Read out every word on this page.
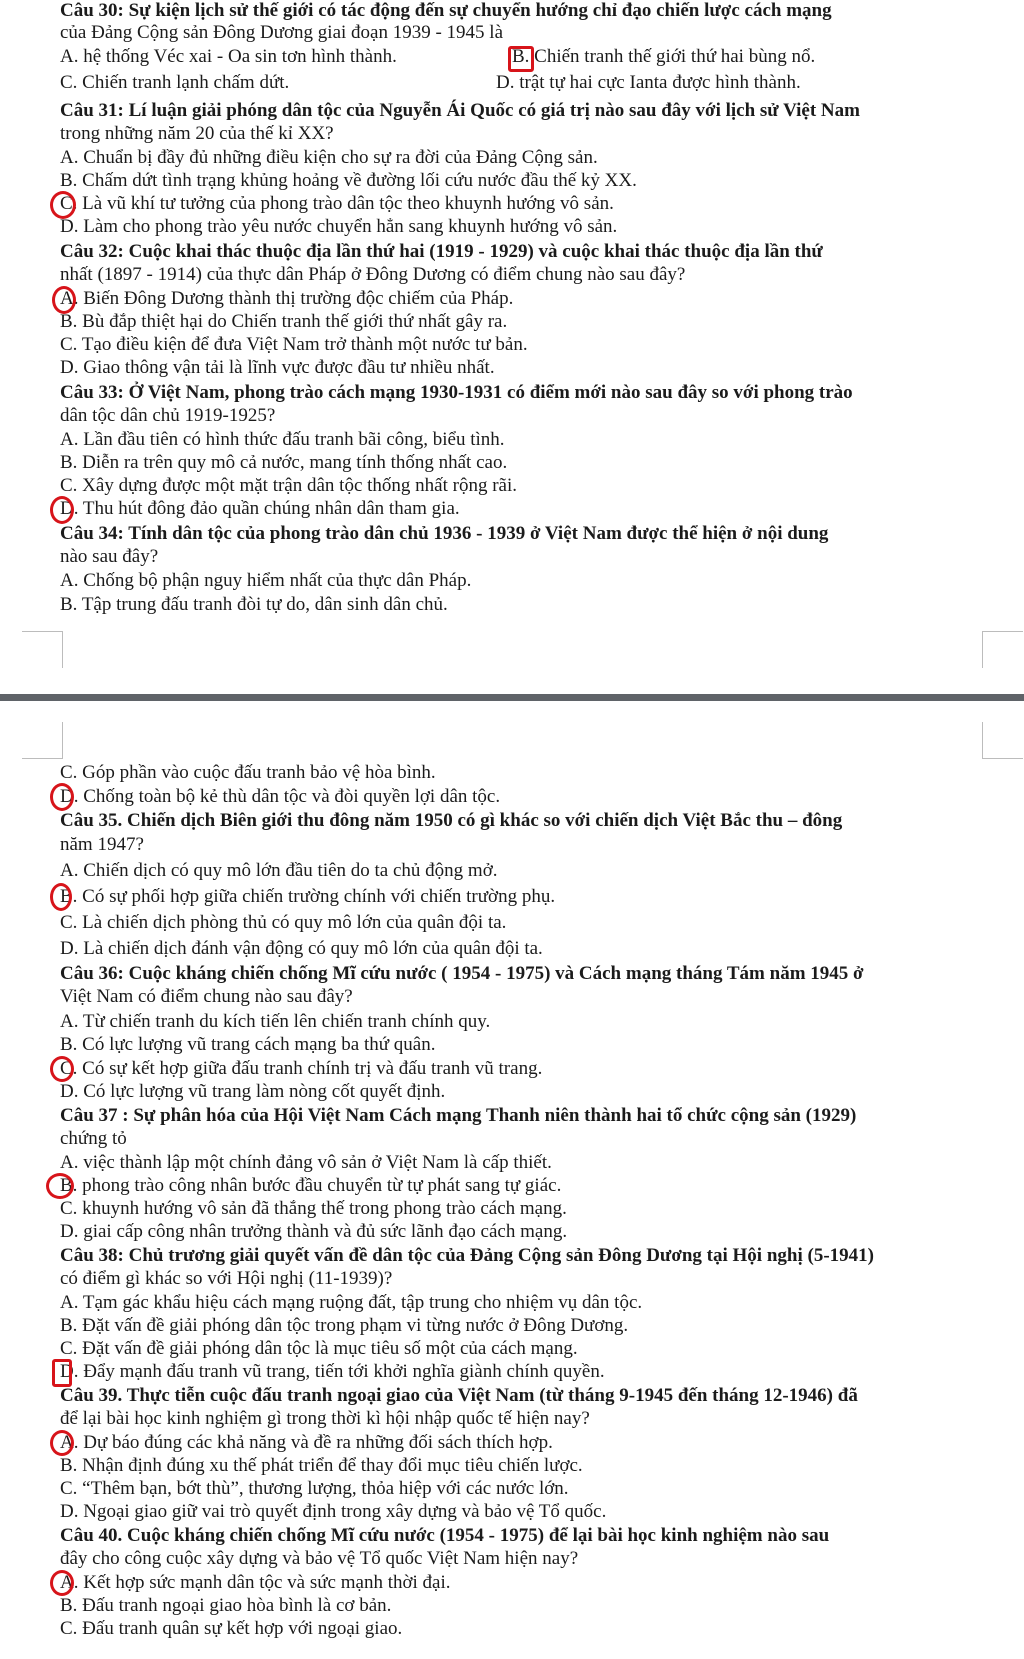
Câu 30: Sự kiện lịch sử thế giới có tác động đến sự chuyển hướng chỉ đạo chiến lược cách mạng
của Đảng Cộng sản Đông Dương giai đoạn 1939 - 1945 là
A. hệ thống Véc xai - Oa sin tơn hình thành.	B. Chiến tranh thế giới thứ hai bùng nổ.
C. Chiến tranh lạnh chấm dứt.	D. trật tự hai cực Ianta được hình thành.
Câu 31: Lí luận giải phóng dân tộc của Nguyễn Ái Quốc có giá trị nào sau đây với lịch sử Việt Nam
trong những năm 20 của thế kỉ XX?
A. Chuẩn bị đầy đủ những điều kiện cho sự ra đời của Đảng Cộng sản.
B. Chấm dứt tình trạng khủng hoảng về đường lối cứu nước đầu thế kỷ XX.
C. Là vũ khí tư tưởng của phong trào dân tộc theo khuynh hướng vô sản.
D. Làm cho phong trào yêu nước chuyển hẳn sang khuynh hướng vô sản.
Câu 32: Cuộc khai thác thuộc địa lần thứ hai (1919 - 1929) và cuộc khai thác thuộc địa lần thứ
nhất (1897 - 1914) của thực dân Pháp ở Đông Dương có điểm chung nào sau đây?
A. Biến Đông Dương thành thị trường độc chiếm của Pháp.
B. Bù đắp thiệt hại do Chiến tranh thế giới thứ nhất gây ra.
C. Tạo điều kiện để đưa Việt Nam trở thành một nước tư bản.
D. Giao thông vận tải là lĩnh vực được đầu tư nhiều nhất.
Câu 33: Ở Việt Nam, phong trào cách mạng 1930-1931 có điểm mới nào sau đây so với phong trào
dân tộc dân chủ 1919-1925?
A. Lần đầu tiên có hình thức đấu tranh bãi công, biểu tình.
B. Diễn ra trên quy mô cả nước, mang tính thống nhất cao.
C. Xây dựng được một mặt trận dân tộc thống nhất rộng rãi.
D. Thu hút đông đảo quần chúng nhân dân tham gia.
Câu 34: Tính dân tộc của phong trào dân chủ 1936 - 1939 ở Việt Nam được thể hiện ở nội dung
nào sau đây?
A. Chống bộ phận nguy hiểm nhất của thực dân Pháp.
B. Tập trung đấu tranh đòi tự do, dân sinh dân chủ.
C. Góp phần vào cuộc đấu tranh bảo vệ hòa bình.
D. Chống toàn bộ kẻ thù dân tộc và đòi quyền lợi dân tộc.
Câu 35. Chiến dịch Biên giới thu đông năm 1950 có gì khác so với chiến dịch Việt Bắc thu – đông
năm 1947?
A. Chiến dịch có quy mô lớn đầu tiên do ta chủ động mở.
B. Có sự phối hợp giữa chiến trường chính với chiến trường phụ.
C. Là chiến dịch phòng thủ có quy mô lớn của quân đội ta.
D. Là chiến dịch đánh vận động có quy mô lớn của quân đội ta.
Câu 36: Cuộc kháng chiến chống Mĩ cứu nước ( 1954 - 1975) và Cách mạng tháng Tám năm 1945 ở
Việt Nam có điểm chung nào sau đây?
A. Từ chiến tranh du kích tiến lên chiến tranh chính quy.
B. Có lực lượng vũ trang cách mạng ba thứ quân.
C. Có sự kết hợp giữa đấu tranh chính trị và đấu tranh vũ trang.
D. Có lực lượng vũ trang làm nòng cốt quyết định.
Câu 37 : Sự phân hóa của Hội Việt Nam Cách mạng Thanh niên thành hai tổ chức cộng sản (1929)
chứng tỏ
A. việc thành lập một chính đảng vô sản ở Việt Nam là cấp thiết.
B. phong trào công nhân bước đầu chuyển từ tự phát sang tự giác.
C. khuynh hướng vô sản đã thắng thế trong phong trào cách mạng.
D. giai cấp công nhân trưởng thành và đủ sức lãnh đạo cách mạng.
Câu 38: Chủ trương giải quyết vấn đề dân tộc của Đảng Cộng sản Đông Dương tại Hội nghị (5-1941)
có điểm gì khác so với Hội nghị (11-1939)?
A. Tạm gác khẩu hiệu cách mạng ruộng đất, tập trung cho nhiệm vụ dân tộc.
B. Đặt vấn đề giải phóng dân tộc trong phạm vi từng nước ở Đông Dương.
C. Đặt vấn đề giải phóng dân tộc là mục tiêu số một của cách mạng.
D. Đẩy mạnh đấu tranh vũ trang, tiến tới khởi nghĩa giành chính quyền.
Câu 39. Thực tiễn cuộc đấu tranh ngoại giao của Việt Nam (từ tháng 9-1945 đến tháng 12-1946) đã
để lại bài học kinh nghiệm gì trong thời kì hội nhập quốc tế hiện nay?
A. Dự báo đúng các khả năng và đề ra những đối sách thích hợp.
B. Nhận định đúng xu thế phát triển để thay đổi mục tiêu chiến lược.
C. “Thêm bạn, bớt thù”, thương lượng, thỏa hiệp với các nước lớn.
D. Ngoại giao giữ vai trò quyết định trong xây dựng và bảo vệ Tổ quốc.
Câu 40. Cuộc kháng chiến chống Mĩ cứu nước (1954 - 1975) để lại bài học kinh nghiệm nào sau
đây cho công cuộc xây dựng và bảo vệ Tổ quốc Việt Nam hiện nay?
A. Kết hợp sức mạnh dân tộc và sức mạnh thời đại.
B. Đấu tranh ngoại giao hòa bình là cơ bản.
C. Đấu tranh quân sự kết hợp với ngoại giao.
